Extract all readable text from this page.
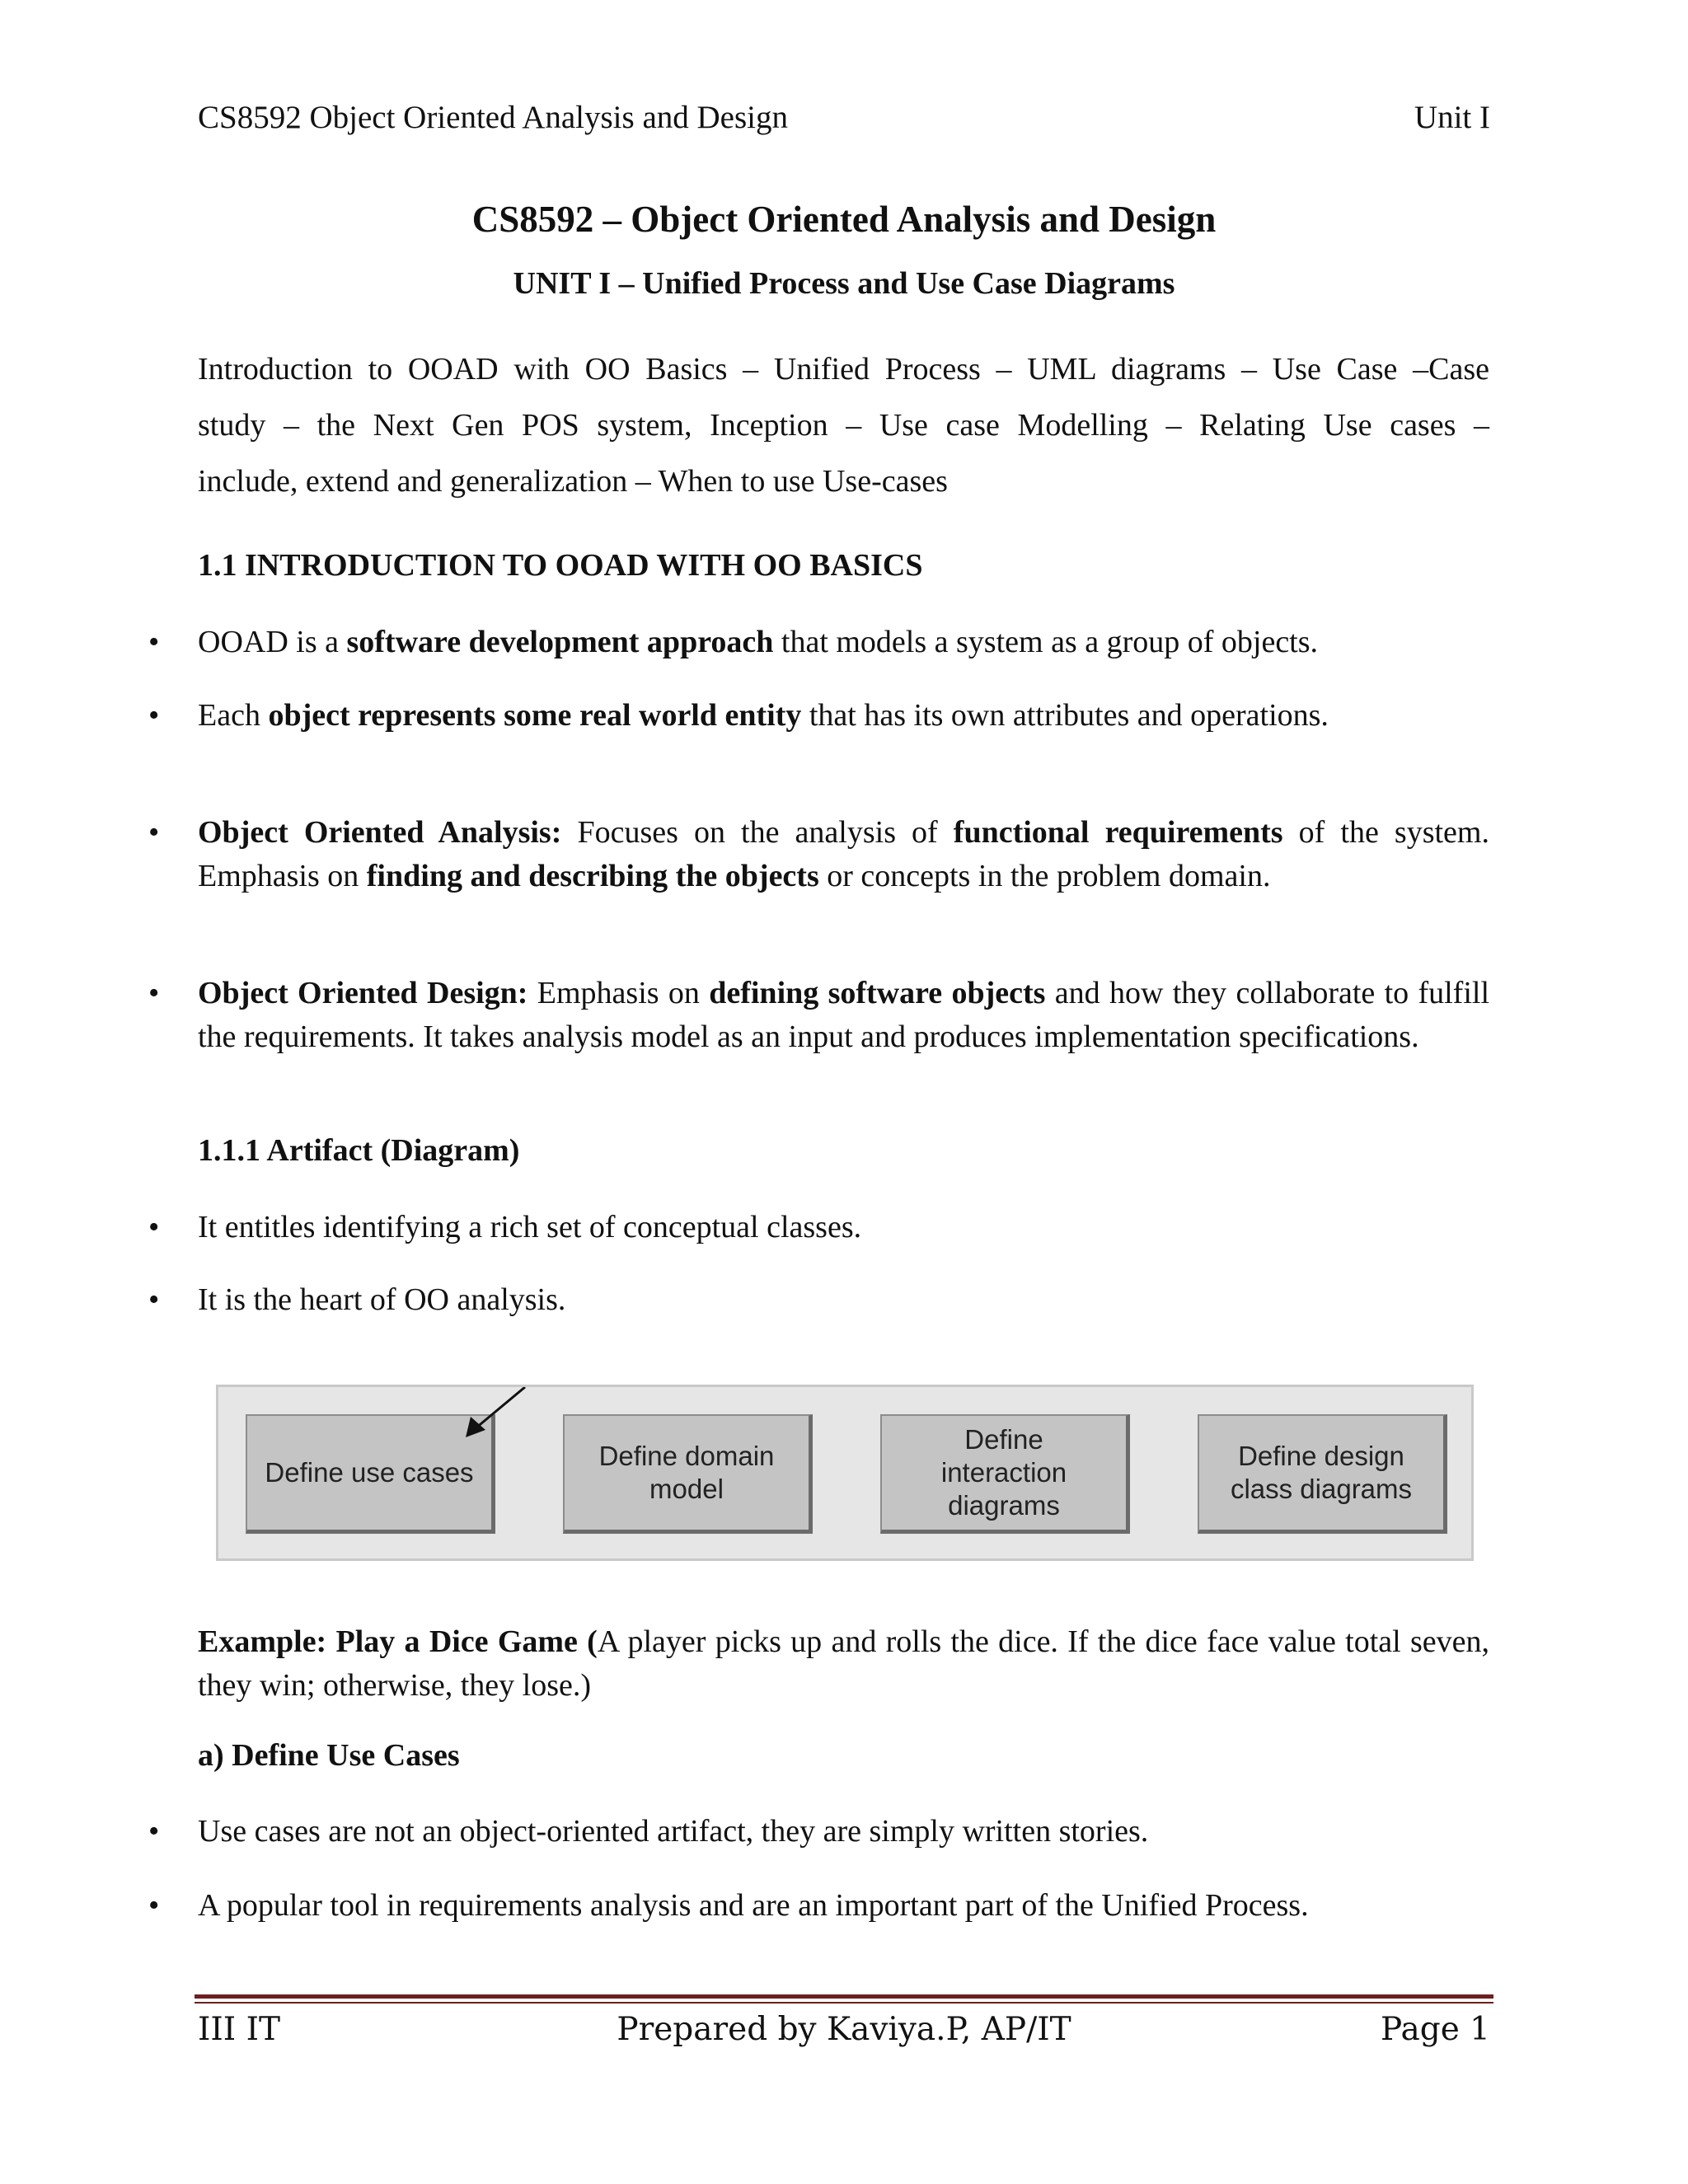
CS8592 Object Oriented Analysis and Design	Unit I
CS8592 – Object Oriented Analysis and Design
UNIT I – Unified Process and Use Case Diagrams
Introduction to OOAD with OO Basics – Unified Process – UML diagrams – Use Case –Case
study – the Next Gen POS system, Inception – Use case Modelling – Relating Use cases –
include, extend and generalization – When to use Use-cases
1.1 INTRODUCTION TO OOAD WITH OO BASICS
• OOAD is a software development approach that models a system as a group of objects.
• Each object represents some real world entity that has its own attributes and operations.
• Object Oriented Analysis: Focuses on the analysis of functional requirements of the system. Emphasis on finding and describing the objects or concepts in the problem domain.
• Object Oriented Design: Emphasis on defining software objects and how they collaborate to fulfill the requirements. It takes analysis model as an input and produces implementation specifications.
1.1.1 Artifact (Diagram)
• It entitles identifying a rich set of conceptual classes.
• It is the heart of OO analysis.
Define use cases
Define domain
model
Define
interaction
diagrams
Define design
class diagrams
Example: Play a Dice Game (A player picks up and rolls the dice. If the dice face value total seven, they win; otherwise, they lose.)
a) Define Use Cases
• Use cases are not an object-oriented artifact, they are simply written stories.
• A popular tool in requirements analysis and are an important part of the Unified Process.
III IT	Prepared by Kaviya.P, AP/IT	Page 1
